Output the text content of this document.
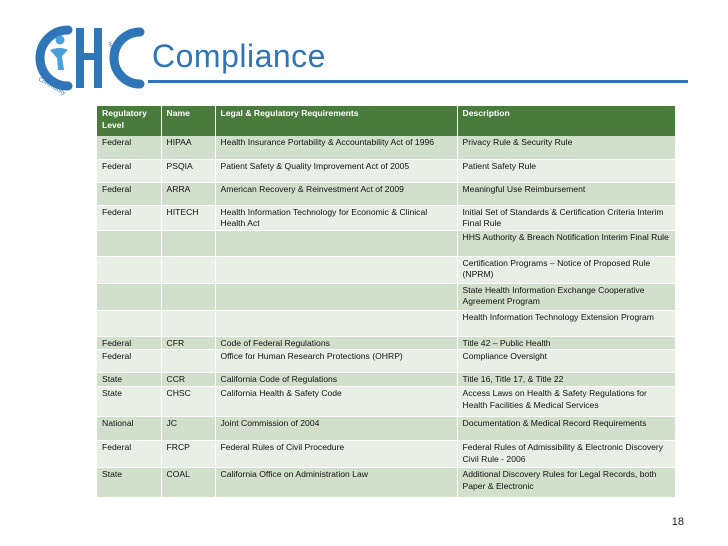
Community
Health Connections Compliance
Regulatory Level	Name	Legal & Regulatory Requirements	Description
Federal	HIPAA	Health Insurance Portability & Accountability Act of 1996	Privacy Rule & Security Rule
Federal	PSQIA	Patient Safety & Quality Improvement Act of 2005	Patient Safety Rule
Federal	ARRA	American Recovery & Reinvestment Act of 2009	Meaningful Use Reimbursement
Federal	HITECH	Health Information Technology for Economic & Clinical Health Act	Initial Set of Standards & Certification Criteria Interim Final Rule
			HHS Authority & Breach Notification Interim Final Rule
			Certification Programs – Notice of Proposed Rule (NPRM)
			State Health Information Exchange Cooperative Agreement Program
			Health Information Technology Extension Program
Federal	CFR	Code of Federal Regulations	Title 42 – Public Health
Federal		Office for Human Research Protections (OHRP)	Compliance Oversight
State	CCR	California Code of Regulations	Title 16, Title 17, & Title 22
State	CHSC	California Health & Safety Code	Access Laws on Health & Safety Regulations for Health Facilities & Medical Services
National	JC	Joint Commission of 2004	Documentation & Medical Record Requirements
Federal	FRCP	Federal Rules of Civil Procedure	Federal Rules of Admissibility & Electronic Discovery Civil Rule - 2006
State	COAL	California Office on Administration Law	Additional Discovery Rules for Legal Records, both Paper & Electronic
18
